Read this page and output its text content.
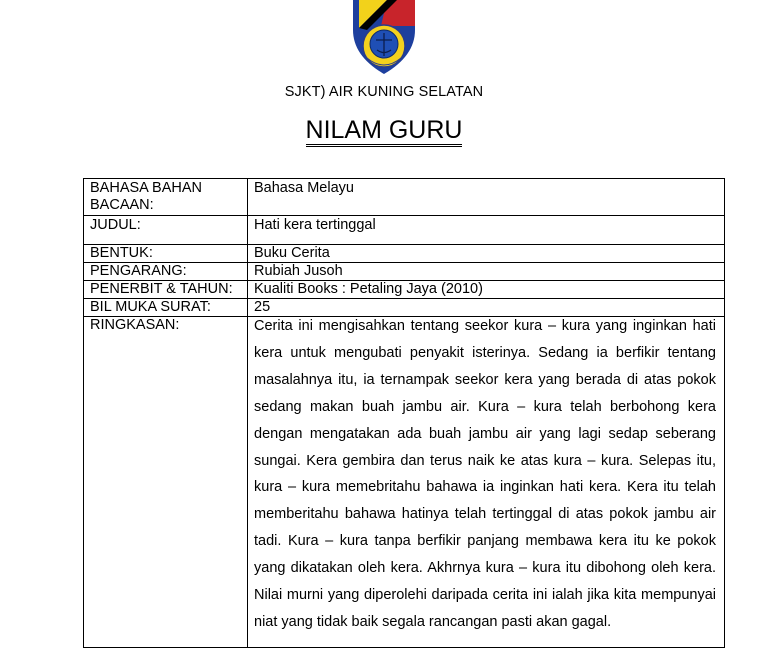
SJKT) AIR KUNING SELATAN
NILAM GURU
BAHASA BAHAN BACAAN:	Bahasa Melayu
JUDUL:	Hati kera tertinggal
BENTUK:	Buku Cerita
PENGARANG:	Rubiah Jusoh
PENERBIT & TAHUN:	Kualiti Books : Petaling Jaya (2010)
BIL MUKA SURAT:	25
RINGKASAN:	Cerita ini mengisahkan tentang seekor kura – kura yang inginkan hati kera untuk mengubati penyakit isterinya. Sedang ia berfikir tentang masalahnya itu, ia ternampak seekor kera yang berada di atas pokok sedang makan buah jambu air. Kura – kura telah berbohong kera dengan mengatakan ada buah jambu air yang lagi sedap seberang sungai. Kera gembira dan terus naik ke atas kura – kura. Selepas itu, kura – kura memebritahu bahawa ia inginkan hati kera. Kera itu telah memberitahu bahawa hatinya telah tertinggal di atas pokok jambu air tadi. Kura – kura tanpa berfikir panjang membawa kera itu ke pokok yang dikatakan oleh kera. Akhrnya kura – kura itu dibohong oleh kera. Nilai murni yang diperolehi daripada cerita ini ialah jika kita mempunyai niat yang tidak baik segala rancangan pasti akan gagal.
